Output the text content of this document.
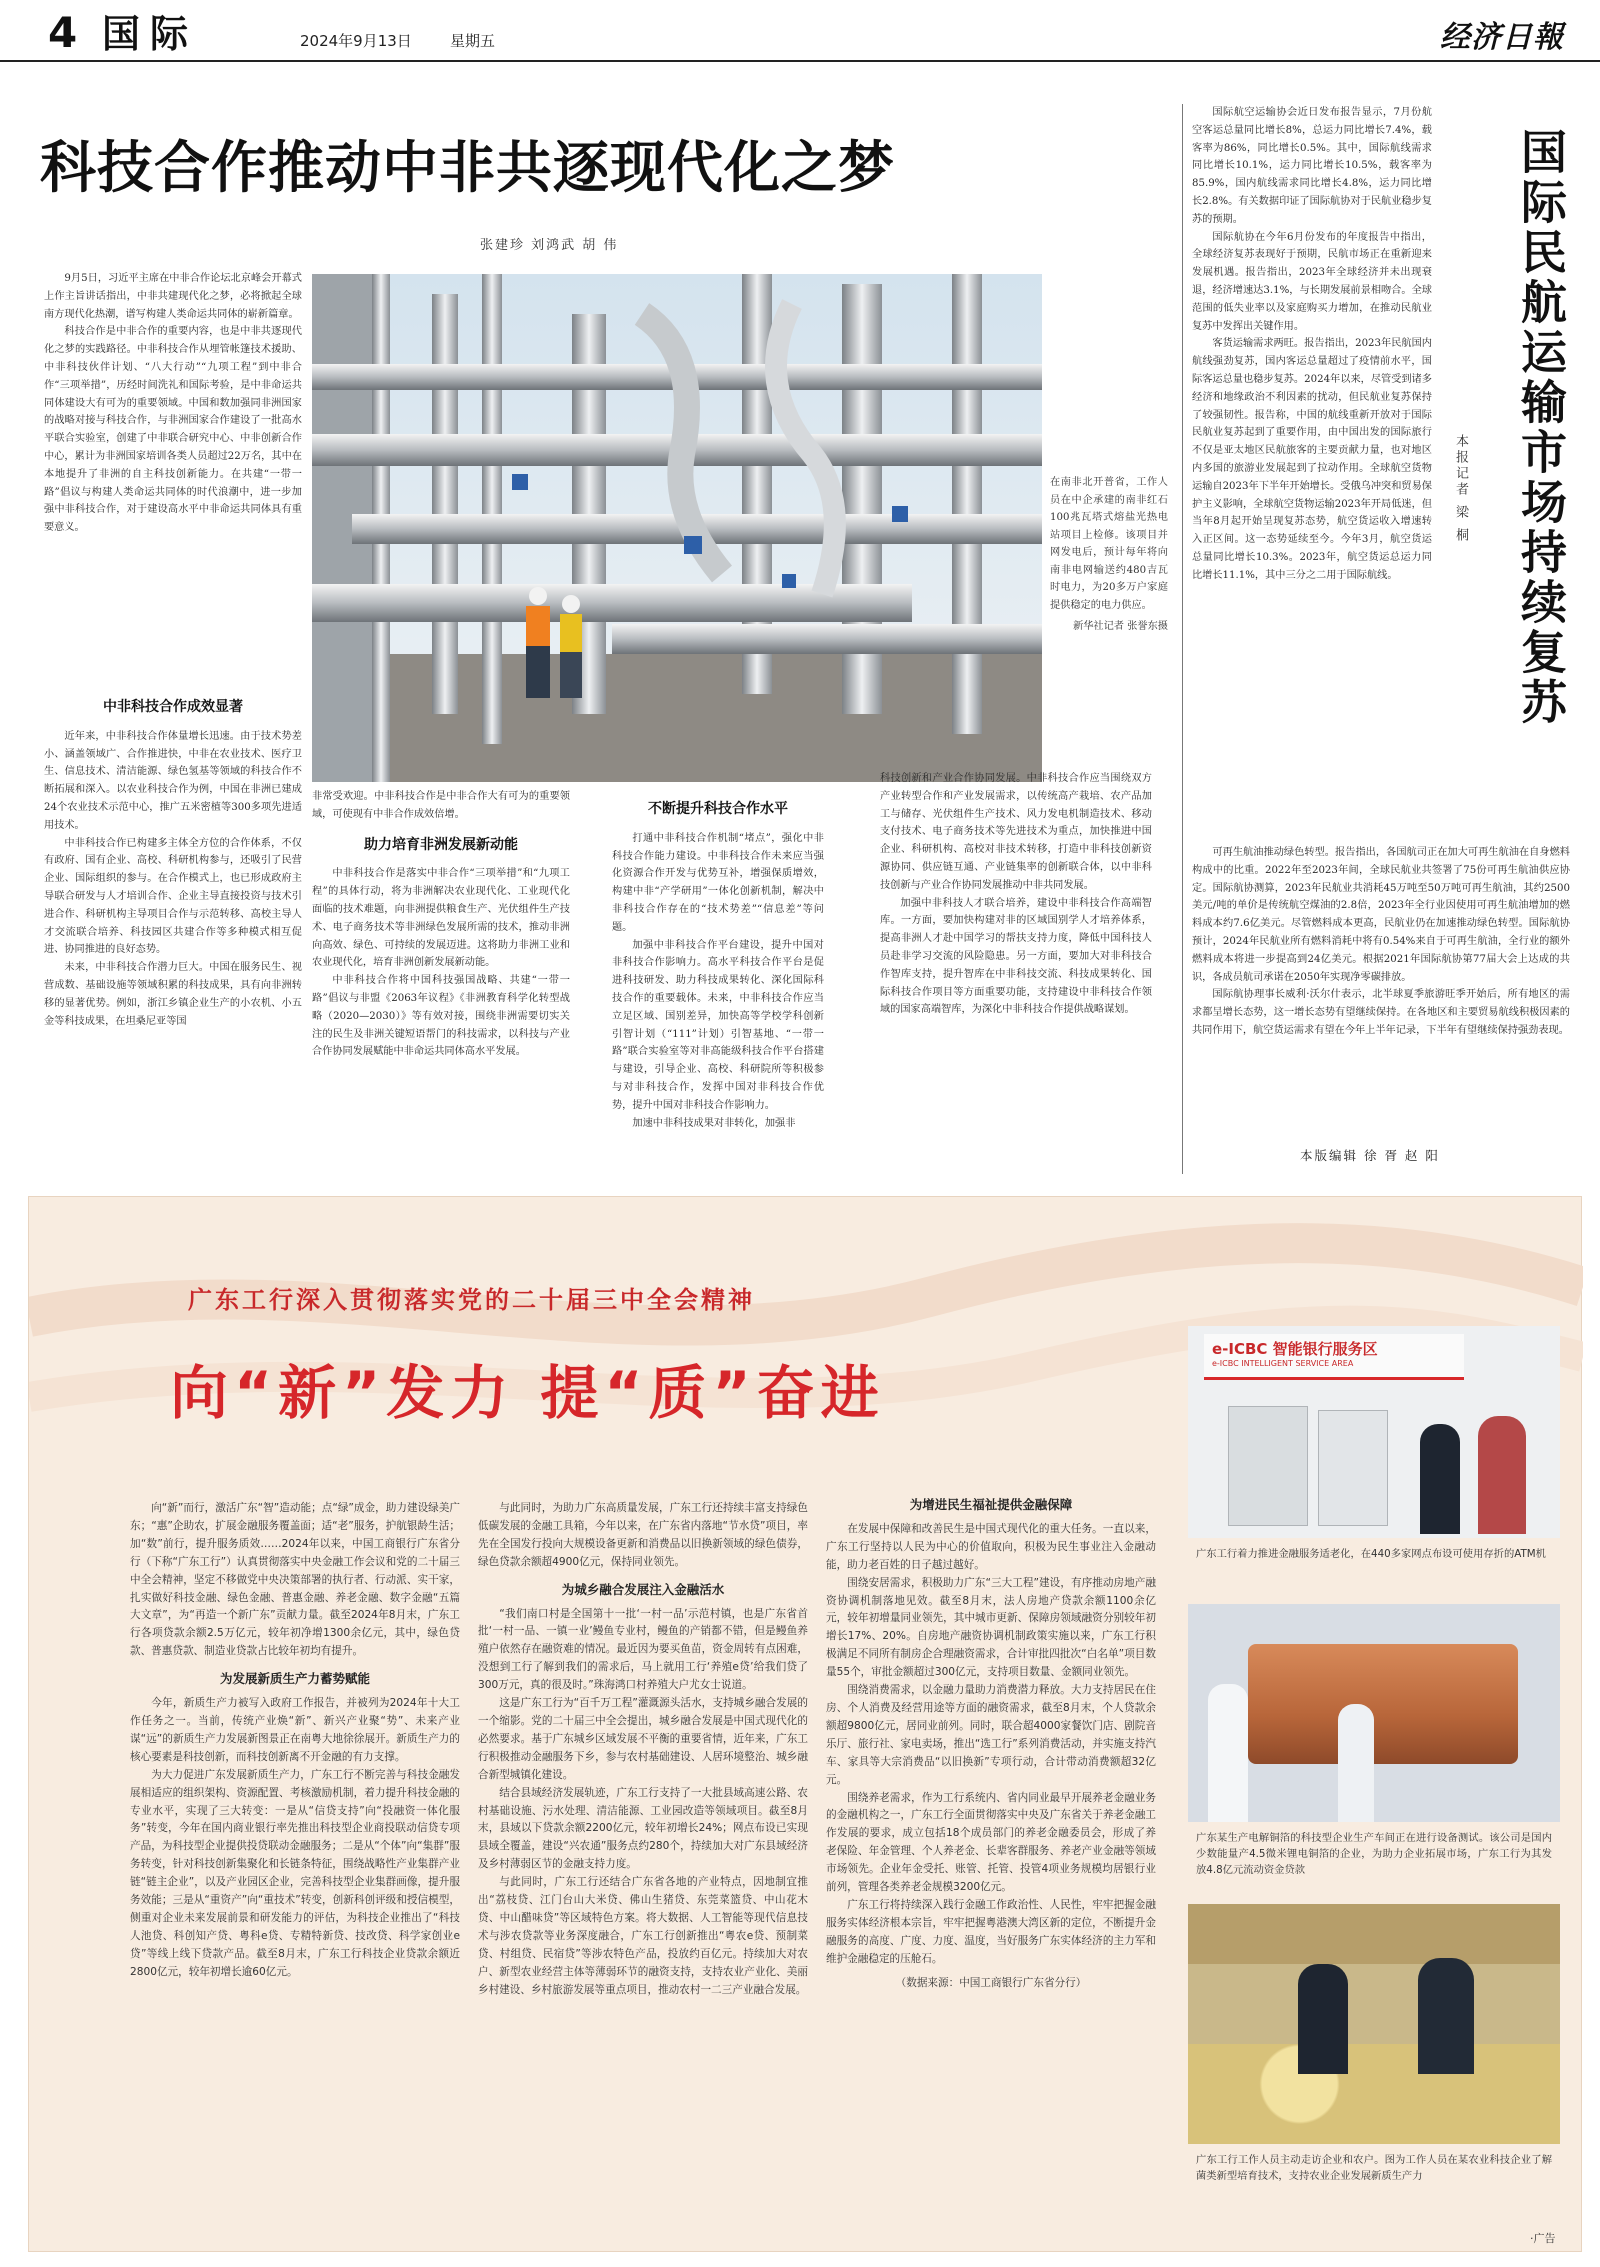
4 国际	2024年9月13日	星期五	经济日報
科技合作推动中非共逐现代化之梦
张建珍 刘鸿武 胡 伟

9月5日，习近平主席在中非合作论坛北京峰会开幕式上作主旨讲话指出，中非共建现代化之梦，必将掀起全球南方现代化热潮，谱写构建人类命运共同体的崭新篇章。

科技合作是中非合作的重要内容，也是中非共逐现代化之梦的实践路径。中非科技合作从埋管帐篷技术援助、中非科技伙伴计划、“八大行动”“九项工程”到中非合作“三项举措”，历经时间洗礼和国际考验，是中非命运共同体建设大有可为的重要领域。中国和数加强同非洲国家的战略对接与科技合作，与非洲国家合作建设了一批高水平联合实验室，创建了中非联合研究中心、中非创新合作中心，累计为非洲国家培训各类人员超过22万名，其中在本地提升了非洲的自主科技创新能力。在共建“一带一路”倡议与构建人类命运共同体的时代浪潮中，进一步加强中非科技合作，对于建设高水平中非命运共同体具有重要意义。

中非科技合作成效显著

近年来，中非科技合作体量增长迅速。由于技术势差小、涵盖领域广、合作推进快，中非在农业技术、医疗卫生、信息技术、清洁能源、绿色氢基等领域的科技合作不断拓展和深入。以农业科技合作为例，中国在非洲已建成24个农业技术示范中心，推广五米密植等300多项先进适用技术。

中非科技合作已构建多主体全方位的合作体系，不仅有政府、国有企业、高校、科研机构参与，还吸引了民营企业、国际组织的参与。在合作模式上，也已形成政府主导联合研发与人才培训合作、企业主导直接投资与技术引进合作、科研机构主导项目合作与示范转移、高校主导人才交流联合培养、科技园区共建合作等多种模式相互促进、协同推进的良好态势。

未来，中非科技合作潜力巨大。中国在服务民生、视营成数、基础设施等领域积累的科技成果，具有向非洲转移的显著优势。例如，浙江乡镇企业生产的小农机、小五金等科技成果，在坦桑尼亚等国

在南非北开普省，工作人员在中企承建的南非红石100兆瓦塔式熔盐光热电站项目上检修。该项目并网发电后，预计每年将向南非电网输送约480吉瓦时电力，为20多万户家庭提供稳定的电力供应。

新华社记者 张誉东摄

非常受欢迎。中非科技合作是中非合作大有可为的重要领域，可使现有中非合作成效倍增。

助力培育非洲发展新动能

中非科技合作是落实中非合作“三项举措”和“九项工程”的具体行动，将为非洲解决农业现代化、工业现代化面临的技术难题，向非洲提供粮食生产、光伏组件生产技术、电子商务技术等非洲绿色发展所需的技术，推动非洲向高效、绿色、可持续的发展迈进。这将助力非洲工业和农业现代化，培育非洲创新发展新动能。

中非科技合作将中国科技强国战略、共建“一带一路”倡议与非盟《2063年议程》《非洲教育科学化转型战略（2020—2030）》等有效对接，围绕非洲需要切实关注的民生及非洲关键短语帮门的科技需求，以科技与产业合作协同发展赋能中非命运共同体高水平发展。

不断提升科技合作水平

打通中非科技合作机制“堵点”，强化中非科技合作能力建设。中非科技合作未来应当强化资源合作开发与优势互补，增强保质增效，构建中非“产学研用”一体化创新机制，解决中非科技合作存在的“技术势差”“信息差”等问题。

加强中非科技合作平台建设，提升中国对非科技合作影响力。高水平科技合作平台是促进科技研发、助力科技成果转化、深化国际科技合作的重要载体。未来，中非科技合作应当立足区域、国别差异，加快高等学校学科创新引智计划（“111”计划）引智基地、“一带一路”联合实验室等对非高能级科技合作平台搭建与建设，引导企业、高校、科研院所等积极参与对非科技合作，发挥中国对非科技合作优势，提升中国对非科技合作影响力。

加速中非科技成果对非转化，加强非

科技创新和产业合作协同发展。中非科技合作应当围绕双方产业转型合作和产业发展需求，以传统高产栽培、农产品加工与储存、光伏组件生产技术、风力发电机制造技术、移动支付技术、电子商务技术等先进技术为重点，加快推进中国企业、科研机构、高校对非技术转移，打造中非科技创新资源协同、供应链互通、产业链集率的创新联合体，以中非科技创新与产业合作协同发展推动中非共同发展。

加强中非科技人才联合培养，建设中非科技合作高端智库。一方面，要加快构建对非的区域国别学人才培养体系，提高非洲人才赴中国学习的帮扶支持力度，降低中国科技人员赴非学习交流的风险隐患。另一方面，要加大对非科技合作智库支持，提升智库在中非科技交流、科技成果转化、国际科技合作项目等方面重要功能，支持建设中非科技合作领域的国家高端智库，为深化中非科技合作提供战略谋划。

国际民航运输市场持续复苏
本报记者 梁 桐

国际航空运输协会近日发布报告显示，7月份航空客运总量同比增长8%，总运力同比增长7.4%，载客率为86%，同比增长0.5%。其中，国际航线需求同比增长10.1%，运力同比增长10.5%，载客率为85.9%，国内航线需求同比增长4.8%，运力同比增长2.8%。有关数据印证了国际航协对于民航业稳步复苏的预期。

国际航协在今年6月份发布的年度报告中指出，全球经济复苏表现好于预期，民航市场正在重新迎来发展机遇。报告指出，2023年全球经济并未出现衰退，经济增速达3.1%，与长期发展前景相吻合。全球范围的低失业率以及家庭购买力增加，在推动民航业复苏中发挥出关键作用。

客货运输需求两旺。报告指出，2023年民航国内航线强劲复苏，国内客运总量超过了疫情前水平，国际客运总量也稳步复苏。2024年以来，尽管受到诸多经济和地缘政治不利因素的扰动，但民航业复苏保持了较强韧性。报告称，中国的航线重新开放对于国际民航业复苏起到了重要作用，由中国出发的国际旅行不仅是亚太地区民航旅客的主要贡献力量，也对地区内多国的旅游业发展起到了拉动作用。全球航空货物运输自2023年下半年开始增长。受俄乌冲突和贸易保护主义影响，全球航空货物运输2023年开局低迷，但当年8月起开始呈现复苏态势，航空货运收入增速转入正区间。这一态势延续至今。今年3月，航空货运总量同比增长10.3%。2023年，航空货运总运力同比增长11.1%，其中三分之二用于国际航线。

可再生航油推动绿色转型。报告指出，各国航司正在加大可再生航油在自身燃料构成中的比重。2022年至2023年间，全球民航业共签署了75份可再生航油供应协定。国际航协测算，2023年民航业共消耗45万吨至50万吨可再生航油，其约2500美元/吨的单价是传统航空煤油的2.8倍，2023年全行业因使用可再生航油增加的燃料成本约7.6亿美元。尽管燃料成本更高，民航业仍在加速推动绿色转型。国际航协预计，2024年民航业所有燃料消耗中将有0.54%来自于可再生航油，全行业的额外燃料成本将进一步提高到24亿美元。根据2021年国际航协第77届大会上达成的共识，各成员航司承诺在2050年实现净零碳排放。

国际航协理事长威利·沃尔什表示，北半球夏季旅游旺季开始后，所有地区的需求都呈增长态势，这一增长态势有望继续保持。在各地区和主要贸易航线积极因素的共同作用下，航空货运需求有望在今年上半年记录，下半年有望继续保持强劲表现。

本版编辑 徐 胥 赵 阳
广东工行深入贯彻落实党的二十届三中全会精神
向“新”发力 提“质”奋进

向“新”而行，激活广东“智”造动能；点“绿”成金，助力建设绿美广东；“惠”企助农，扩展金融服务覆盖面；适“老”服务，护航银龄生活；加“数”前行，提升服务质效……2024年以来，中国工商银行广东省分行（下称“广东工行”）认真贯彻落实中央金融工作会议和党的二十届三中全会精神，坚定不移做党中央决策部署的执行者、行动派、实干家，扎实做好科技金融、绿色金融、普惠金融、养老金融、数字金融“五篇大文章”，为“再造一个新广东”贡献力量。截至2024年8月末，广东工行各项贷款余额2.5万亿元，较年初净增1300余亿元，其中，绿色贷款、普惠贷款、制造业贷款占比较年初均有提升。

为发展新质生产力蓄势赋能

今年，新质生产力被写入政府工作报告，并被列为2024年十大工作任务之一。当前，传统产业焕“新”、新兴产业聚“势”、未来产业谋“远”的新质生产力发展新图景正在南粤大地徐徐展开。新质生产力的核心要素是科技创新，而科技创新离不开金融的有力支撑。

为大力促进广东发展新质生产力，广东工行不断完善与科技金融发展相适应的组织架构、资源配置、考核激励机制，着力提升科技金融的专业水平，实现了三大转变：一是从“信贷支持”向“投融资一体化服务”转变，今年在国内商业银行率先推出科技型企业商投联动信贷专项产品，为科技型企业提供投贷联动金融服务；二是从“个体”向“集群”服务转变，针对科技创新集聚化和长链条特征，围绕战略性产业集群产业链“链主企业”，以及产业园区企业，完善科技型企业集群画像，提升服务效能；三是从“重资产”向“重技术”转变，创新科创评级和授信模型，侧重对企业未来发展前景和研发能力的评估，为科技企业推出了“科技人池贷、科创知产贷、粤科e贷、专精特新贷、技改贷、科学家创业e贷”等线上线下贷款产品。截至8月末，广东工行科技企业贷款余额近2800亿元，较年初增长逾60亿元。

与此同时，为助力广东高质量发展，广东工行还持续丰富支持绿色低碳发展的金融工具箱，今年以来，在广东省内落地“节水贷”项目，率先在全国发行投向大规模设备更新和消费品以旧换新领域的绿色债券，绿色贷款余额超4900亿元，保持同业领先。

为城乡融合发展注入金融活水

“我们南口村是全国第十一批‘一村一品’示范村镇，也是广东省首批‘一村一品、一镇一业’鳗鱼专业村，鳗鱼的产销都不错，但是鳗鱼养殖户依然存在融资难的情况。最近因为要买鱼苗，资金周转有点困难，没想到工行了解到我们的需求后，马上就用工行‘养殖e贷’给我们贷了300万元，真的很及时。”珠海鸿口村养殖大户尤女士说道。

这是广东工行为“百千万工程”灌溉源头活水，支持城乡融合发展的一个缩影。党的二十届三中全会提出，城乡融合发展是中国式现代化的必然要求。基于广东城乡区域发展不平衡的重要省情，近年来，广东工行积极推动金融服务下乡，参与农村基础建设、人居环境整治、城乡融合新型城镇化建设。

结合县域经济发展轨迹，广东工行支持了一大批县域高速公路、农村基础设施、污水处理、清洁能源、工业园改造等领域项目。截至8月末，县域以下贷款余额2200亿元，较年初增长24%；网点布设已实现县域全覆盖，建设“兴农通”服务点约280个，持续加大对广东县域经济及乡村薄弱区节的金融支持力度。

与此同时，广东工行还结合广东省各地的产业特点，因地制宜推出“荔枝贷、江门台山大米贷、佛山生猪贷、东莞菜篮贷、中山花木贷、中山醋味贷”等区域特色方案。将大数据、人工智能等现代信息技术与涉农贷款等业务深度融合，广东工行创新推出“粤农e贷、预制菜贷、村组贷、民宿贷”等涉农特色产品，投放约百亿元。持续加大对农户、新型农业经营主体等薄弱环节的融资支持，支持农业产业化、美丽乡村建设、乡村旅游发展等重点项目，推动农村一二三产业融合发展。

为增进民生福祉提供金融保障

在发展中保障和改善民生是中国式现代化的重大任务。一直以来，广东工行坚持以人民为中心的价值取向，积极为民生事业注入金融动能，助力老百姓的日子越过越好。

围绕安居需求，积极助力广东“三大工程”建设，有序推动房地产融资协调机制落地见效。截至8月末，法人房地产贷款余额1100余亿元，较年初增量同业领先，其中城市更新、保障房领域融资分别较年初增长17%、20%。自房地产融资协调机制政策实施以来，广东工行积极满足不同所有制房企合理融资需求，合计审批四批次“白名单”项目数量55个，审批金额超过300亿元，支持项目数量、金额同业领先。

围绕消费需求，以金融力量助力消费潜力释放。大力支持居民在住房、个人消费及经营用途等方面的融资需求，截至8月末，个人贷款余额超9800亿元，居同业前列。同时，联合超4000家餐饮门店、剧院音乐厅、旅行社、家电卖场，推出“选工行”系列消费活动，并实施支持汽车、家具等大宗消费品“以旧换新”专项行动，合计带动消费额超32亿元。

围绕养老需求，作为工行系统内、省内同业最早开展养老金融业务的金融机构之一，广东工行全面贯彻落实中央及广东省关于养老金融工作发展的要求，成立包括18个成员部门的养老金融委员会，形成了养老保险、年金管理、个人养老金、长辈客群服务、养老产业金融等领域市场领先。企业年金受托、账管、托管、投管4项业务规模均居银行业前列，管理各类养老金规模3200亿元。

广东工行将持续深入践行金融工作政治性、人民性，牢牢把握金融服务实体经济根本宗旨，牢牢把握粤港澳大湾区新的定位，不断提升金融服务的高度、广度、力度、温度，当好服务广东实体经济的主力军和维护金融稳定的压舱石。

（数据来源：中国工商银行广东省分行）

e-ICBC 智能银行服务区
e-ICBC INTELLIGENT SERVICE AREA

广东工行着力推进金融服务适老化，在440多家网点布设可使用存折的ATM机

广东某生产电解铜箔的科技型企业生产车间正在进行设备测试。该公司是国内少数能量产4.5微米锂电铜箔的企业，为助力企业拓展市场，广东工行为其发放4.8亿元流动资金贷款

广东工行工作人员主动走访企业和农户。图为工作人员在某农业科技企业了解菌类新型培育技术，支持农业企业发展新质生产力

·广告
